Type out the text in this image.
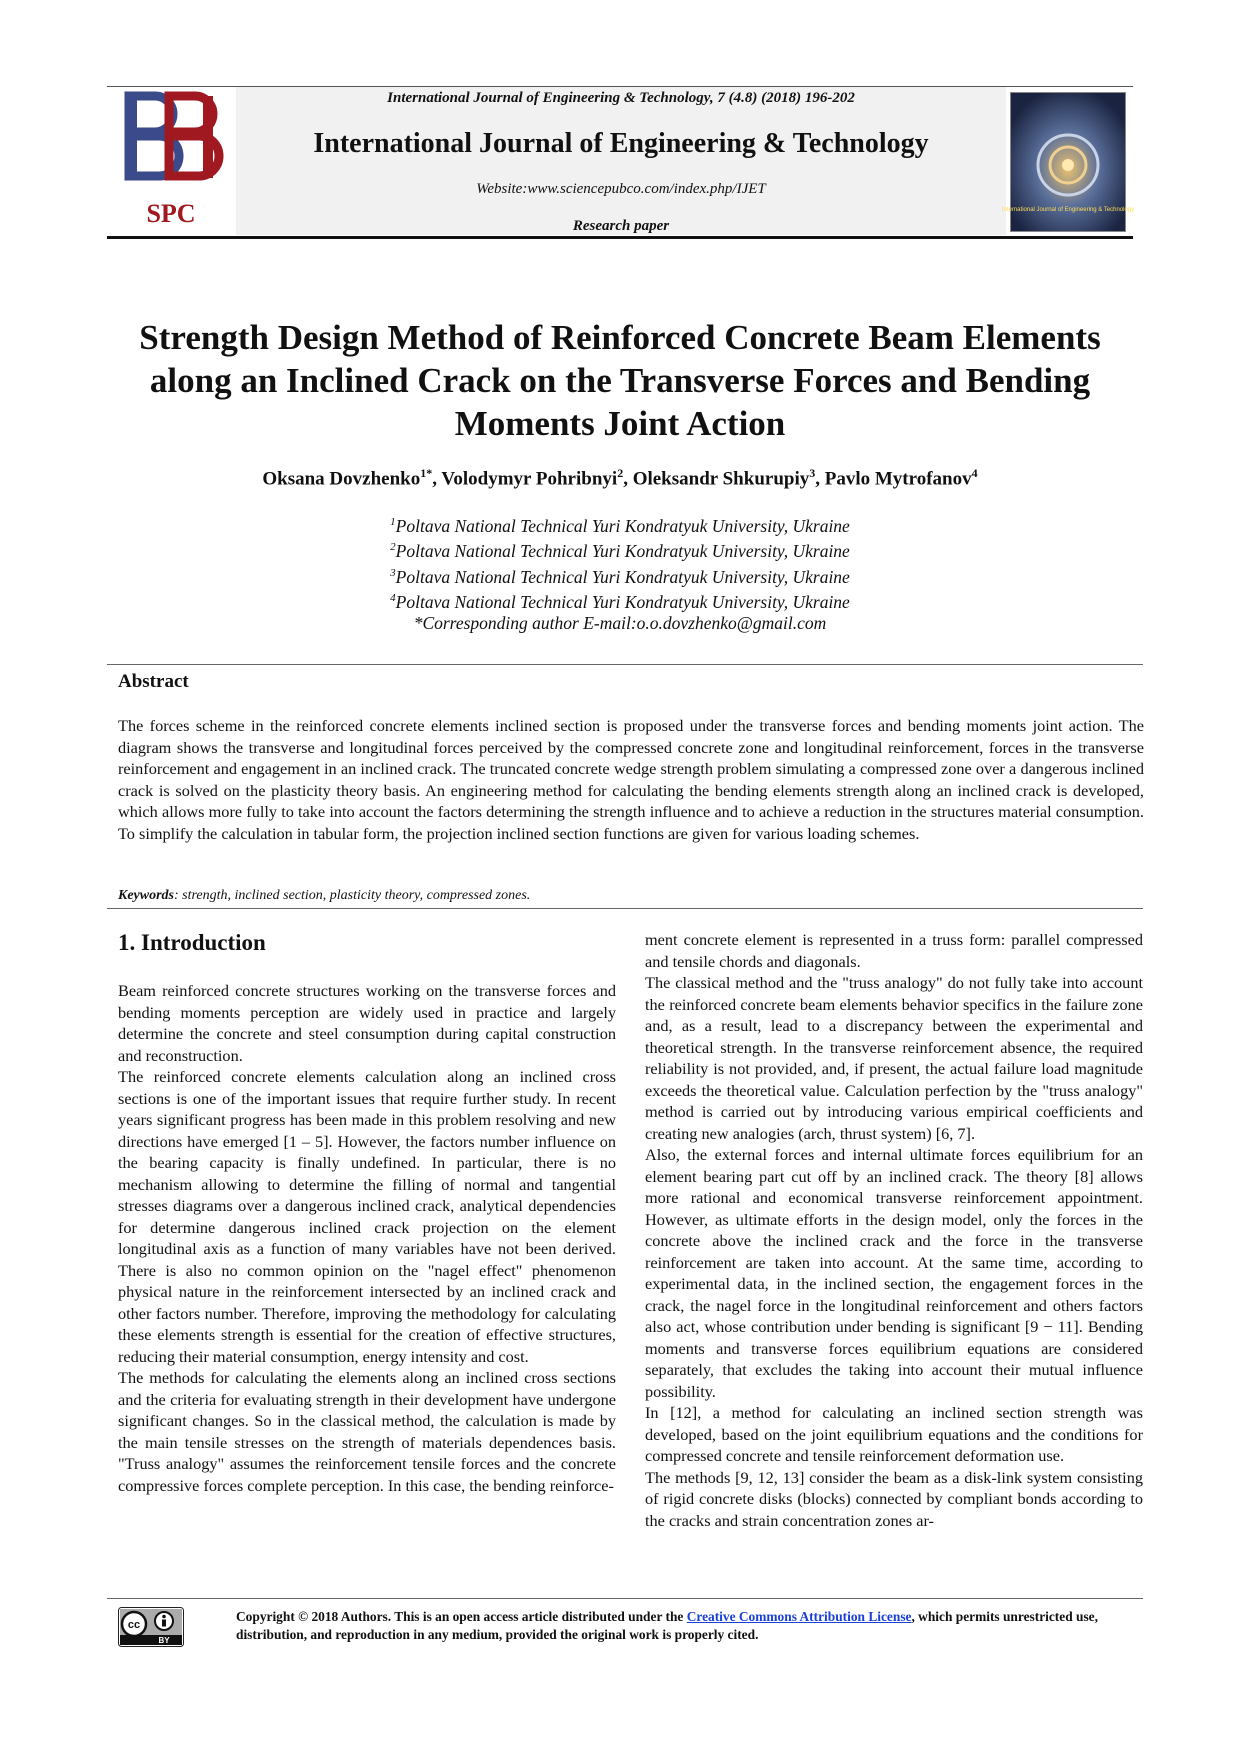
SPC	International Journal of Engineering & Technology
International Journal of Engineering & Technology, 7 (4.8) (2018) 196-202
International Journal of Engineering & Technology
Website:www.sciencepubco.com/index.php/IJET
Research paper
Strength Design Method of Reinforced Concrete Beam Elements
along an Inclined Crack on the Transverse Forces and Bending
Moments Joint Action
Oksana Dovzhenko$^{1*}$, Volodymyr Pohribnyi$^2$, Oleksandr Shkurupiy$^3$, Pavlo Mytrofanov$^4$
$^1$Poltava National Technical Yuri Kondratyuk University, Ukraine
$^2$Poltava National Technical Yuri Kondratyuk University, Ukraine
$^3$Poltava National Technical Yuri Kondratyuk University, Ukraine
$^4$Poltava National Technical Yuri Kondratyuk University, Ukraine
*Corresponding author E-mail:o.o.dovzhenko@gmail.com
Abstract
The forces scheme in the reinforced concrete elements inclined section is proposed under the transverse forces and bending moments joint action. The diagram shows the transverse and longitudinal forces perceived by the compressed concrete zone and longitudinal reinforcement, forces in the transverse reinforcement and engagement in an inclined crack. The truncated concrete wedge strength problem simulating a compressed zone over a dangerous inclined crack is solved on the plasticity theory basis. An engineering method for calculating the bending elements strength along an inclined crack is developed, which allows more fully to take into account the factors determining the strength influence and to achieve a reduction in the structures material consumption. To simplify the calculation in tabular form, the projection inclined section functions are given for various loading schemes.
Keywords: strength, inclined section, plasticity theory, compressed zones.
1. Introduction

Beam reinforced concrete structures working on the transverse forces and bending moments perception are widely used in practice and largely determine the concrete and steel consumption during capital construction and reconstruction.

The reinforced concrete elements calculation along an inclined cross sections is one of the important issues that require further study. In recent years significant progress has been made in this problem resolving and new directions have emerged [1 – 5]. However, the factors number influence on the bearing capacity is finally undefined. In particular, there is no mechanism allowing to determine the filling of normal and tangential stresses diagrams over a dangerous inclined crack, analytical dependencies for determine dangerous inclined crack projection on the element longitudinal axis as a function of many variables have not been derived. There is also no common opinion on the "nagel effect" phenomenon physical nature in the reinforcement intersected by an inclined crack and other factors number. Therefore, improving the methodology for calculating these elements strength is essential for the creation of effective structures, reducing their material consumption, energy intensity and cost.

The methods for calculating the elements along an inclined cross sections and the criteria for evaluating strength in their development have undergone significant changes. So in the classical method, the calculation is made by the main tensile stresses on the strength of materials dependences basis. "Truss analogy" assumes the reinforcement tensile forces and the concrete compressive forces complete perception. In this case, the bending reinforce-

ment concrete element is represented in a truss form: parallel compressed and tensile chords and diagonals.

The classical method and the "truss analogy" do not fully take into account the reinforced concrete beam elements behavior specifics in the failure zone and, as a result, lead to a discrepancy between the experimental and theoretical strength. In the transverse reinforcement absence, the required reliability is not provided, and, if present, the actual failure load magnitude exceeds the theoretical value. Calculation perfection by the "truss analogy" method is carried out by introducing various empirical coefficients and creating new analogies (arch, thrust system) [6, 7].

Also, the external forces and internal ultimate forces equilibrium for an element bearing part cut off by an inclined crack. The theory [8] allows more rational and economical transverse reinforcement appointment. However, as ultimate efforts in the design model, only the forces in the concrete above the inclined crack and the force in the transverse reinforcement are taken into account. At the same time, according to experimental data, in the inclined section, the engagement forces in the crack, the nagel force in the longitudinal reinforcement and others factors also act, whose contribution under bending is significant [9 − 11]. Bending moments and transverse forces equilibrium equations are considered separately, that excludes the taking into account their mutual influence possibility.

In [12], a method for calculating an inclined section strength was developed, based on the joint equilibrium equations and the conditions for compressed concrete and tensile reinforcement deformation use.

The methods [9, 12, 13] consider the beam as a disk-link system consisting of rigid concrete disks (blocks) connected by compliant bonds according to the cracks and strain concentration zones ar-

cc
BY
Copyright © 2018 Authors. This is an open access article distributed under the Creative Commons Attribution License, which permits unrestricted use, distribution, and reproduction in any medium, provided the original work is properly cited.
